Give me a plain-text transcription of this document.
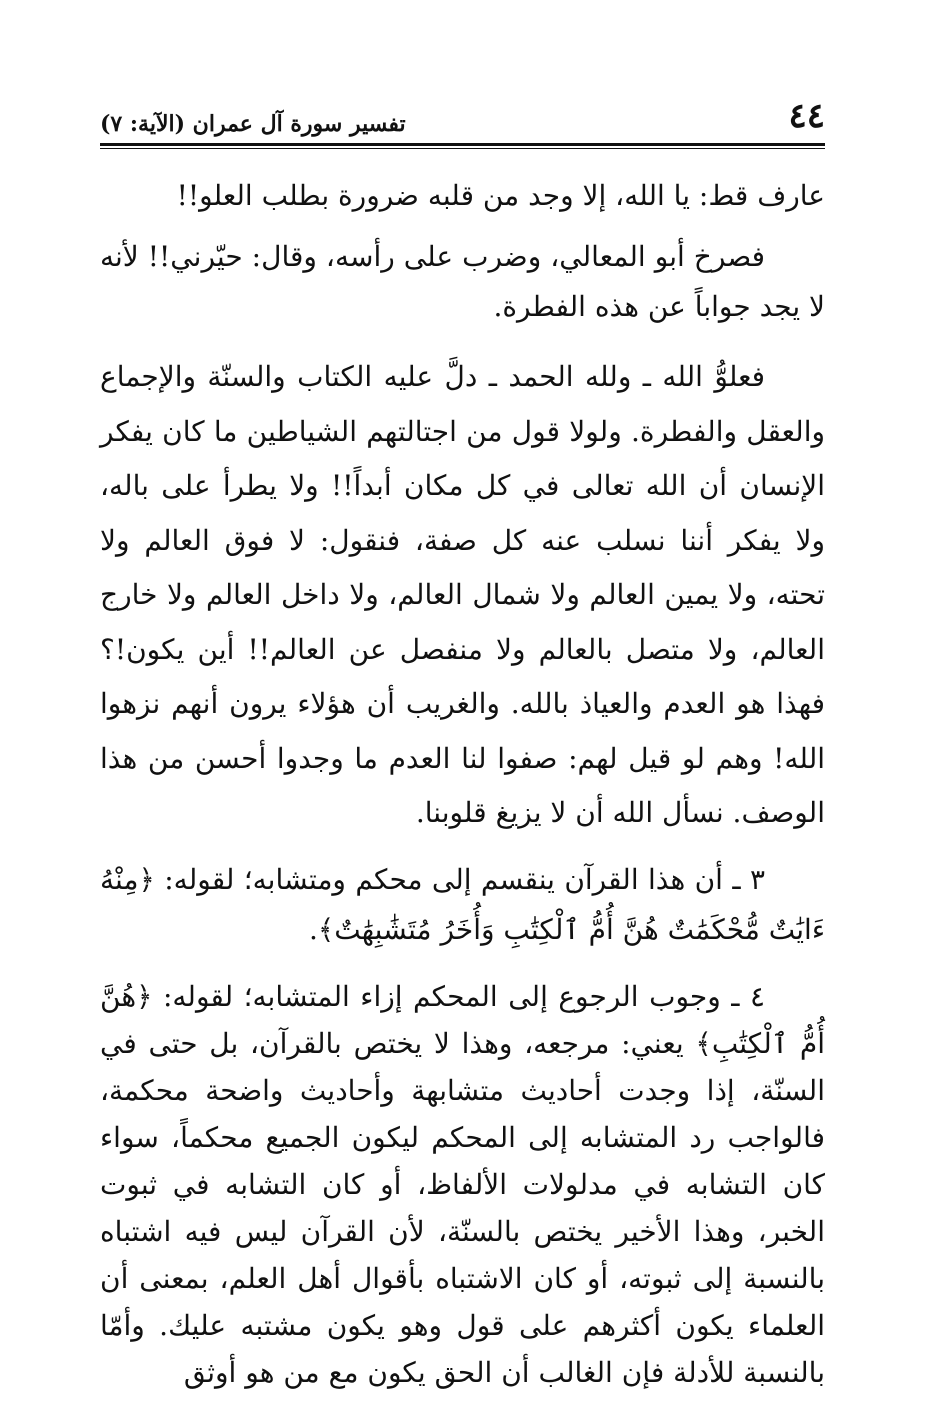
٤٤
تفسير سورة آل عمران (الآية: ٧)

عارف قط: يا الله، إلا وجد من قلبه ضرورة بطلب العلو!!

فصرخ أبو المعالي، وضرب على رأسه، وقال: حيّرني!! لأنه لا يجد جواباً عن هذه الفطرة.

فعلوُّ الله ـ ولله الحمد ـ دلَّ عليه الكتاب والسنّة والإجماع والعقل والفطرة. ولولا قول من اجتالتهم الشياطين ما كان يفكر الإنسان أن الله تعالى في كل مكان أبداً!! ولا يطرأ على باله، ولا يفكر أننا نسلب عنه كل صفة، فنقول: لا فوق العالم ولا تحته، ولا يمين العالم ولا شمال العالم، ولا داخل العالم ولا خارج العالم، ولا متصل بالعالم ولا منفصل عن العالم!! أين يكون!؟ فهذا هو العدم والعياذ بالله. والغريب أن هؤلاء يرون أنهم نزهوا الله! وهم لو قيل لهم: صفوا لنا العدم ما وجدوا أحسن من هذا الوصف. نسأل الله أن لا يزيغ قلوبنا.

٣ ـ أن هذا القرآن ينقسم إلى محكم ومتشابه؛ لقوله: ﴿مِنْهُ ءَايَٰتٌ مُّحْكَمَٰتٌ هُنَّ أُمُّ ٱلْكِتَٰبِ وَأُخَرُ مُتَشَٰبِهَٰتٌ﴾.

٤ ـ وجوب الرجوع إلى المحكم إزاء المتشابه؛ لقوله: ﴿هُنَّ أُمُّ ٱلْكِتَٰبِ﴾ يعني: مرجعه، وهذا لا يختص بالقرآن، بل حتى في السنّة، إذا وجدت أحاديث متشابهة وأحاديث واضحة محكمة، فالواجب رد المتشابه إلى المحكم ليكون الجميع محكماً، سواء كان التشابه في مدلولات الألفاظ، أو كان التشابه في ثبوت الخبر، وهذا الأخير يختص بالسنّة، لأن القرآن ليس فيه اشتباه بالنسبة إلى ثبوته، أو كان الاشتباه بأقوال أهل العلم، بمعنى أن العلماء يكون أكثرهم على قول وهو يكون مشتبه عليك. وأمّا بالنسبة للأدلة فإن الغالب أن الحق يكون مع من هو أوثق
